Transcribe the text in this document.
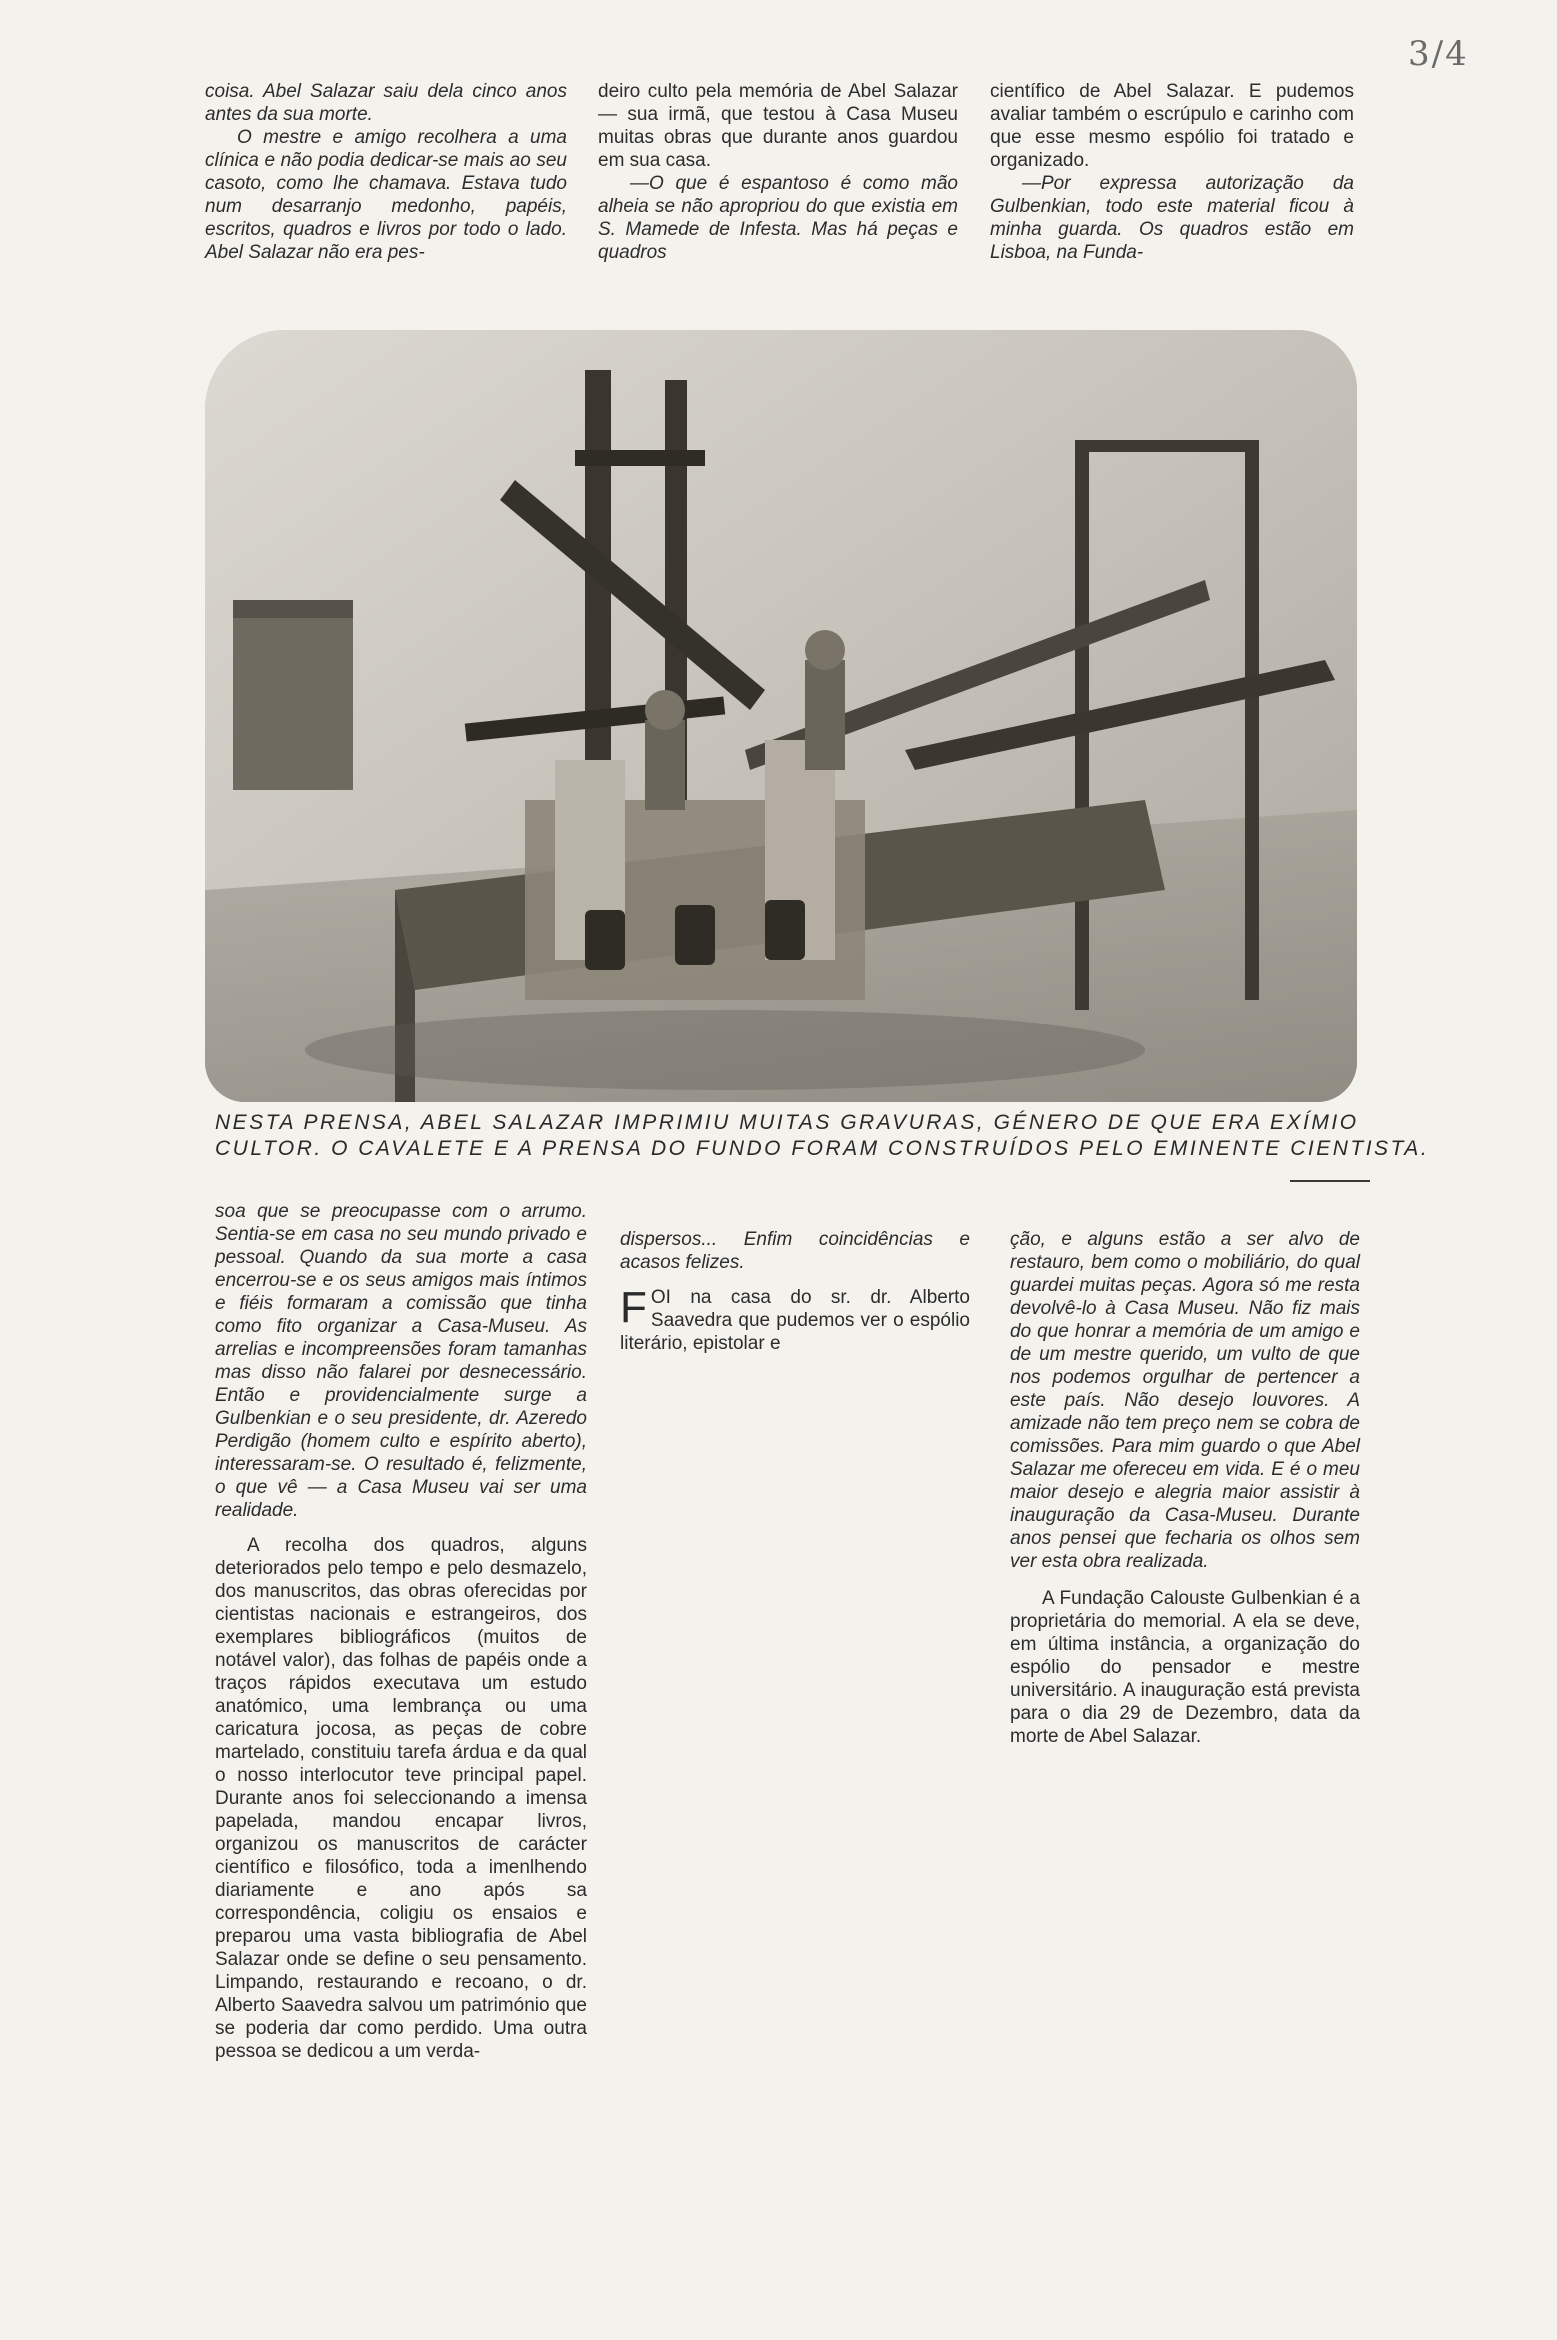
3/4

coisa. Abel Salazar saiu dela cinco anos antes da sua morte.

O mestre e amigo recolhera a uma clínica e não podia dedicar-se mais ao seu casoto, como lhe chamava. Estava tudo num desarranjo medonho, papéis, escritos, quadros e livros por todo o lado. Abel Salazar não era pes-

deiro culto pela memória de Abel Salazar — sua irmã, que testou à Casa Museu muitas obras que durante anos guardou em sua casa.

—O que é espantoso é como mão alheia se não apropriou do que existia em S. Mamede de Infesta. Mas há peças e quadros

científico de Abel Salazar. E pudemos avaliar também o escrúpulo e carinho com que esse mesmo espólio foi tratado e organizado.

—Por expressa autorização da Gulbenkian, todo este material ficou à minha guarda. Os quadros estão em Lisboa, na Funda-

NESTA PRENSA, ABEL SALAZAR IMPRIMIU MUITAS GRAVURAS, GÉNERO DE QUE ERA EXÍMIO
CULTOR. O CAVALETE E A PRENSA DO FUNDO FORAM CONSTRUÍDOS PELO EMINENTE CIENTISTA.

soa que se preocupasse com o arrumo. Sentia-se em casa no seu mundo privado e pessoal. Quando da sua morte a casa encerrou-se e os seus amigos mais íntimos e fiéis formaram a comissão que tinha como fito organizar a Casa-Museu. As arrelias e incompreensões foram tamanhas mas disso não falarei por desnecessário. Então e providencialmente surge a Gulbenkian e o seu presidente, dr. Azeredo Perdigão (homem culto e espírito aberto), interessaram-se. O resultado é, felizmente, o que vê — a Casa Museu vai ser uma realidade.

A recolha dos quadros, alguns deteriorados pelo tempo e pelo desmazelo, dos manuscritos, das obras oferecidas por cientistas nacionais e estrangeiros, dos exemplares bibliográficos (muitos de notável valor), das folhas de papéis onde a traços rápidos executava um estudo anatómico, uma lembrança ou uma caricatura jocosa, as peças de cobre martelado, constituiu tarefa árdua e da qual o nosso interlocutor teve principal papel. Durante anos foi seleccionando a imensa papelada, mandou encapar livros, organizou os manuscritos de carácter científico e filosófico, toda a imenlhendo diariamente e ano após sa correspondência, coligiu os ensaios e preparou uma vasta bibliografia de Abel Salazar onde se define o seu pensamento. Limpando, restaurando e recoano, o dr. Alberto Saavedra salvou um património que se poderia dar como perdido. Uma outra pessoa se dedicou a um verda-

dispersos... Enfim coincidências e acasos felizes.

FOI na casa do sr. dr. Alberto Saavedra que pudemos ver o espólio literário, epistolar e

ção, e alguns estão a ser alvo de restauro, bem como o mobiliário, do qual guardei muitas peças. Agora só me resta devolvê-lo à Casa Museu. Não fiz mais do que honrar a memória de um amigo e de um mestre querido, um vulto de que nos podemos orgulhar de pertencer a este país. Não desejo louvores. A amizade não tem preço nem se cobra de comissões. Para mim guardo o que Abel Salazar me ofereceu em vida. E é o meu maior desejo e alegria maior assistir à inauguração da Casa-Museu. Durante anos pensei que fecharia os olhos sem ver esta obra realizada.

A Fundação Calouste Gulbenkian é a proprietária do memorial. A ela se deve, em última instância, a organização do espólio do pensador e mestre universitário. A inauguração está prevista para o dia 29 de Dezembro, data da morte de Abel Salazar.
